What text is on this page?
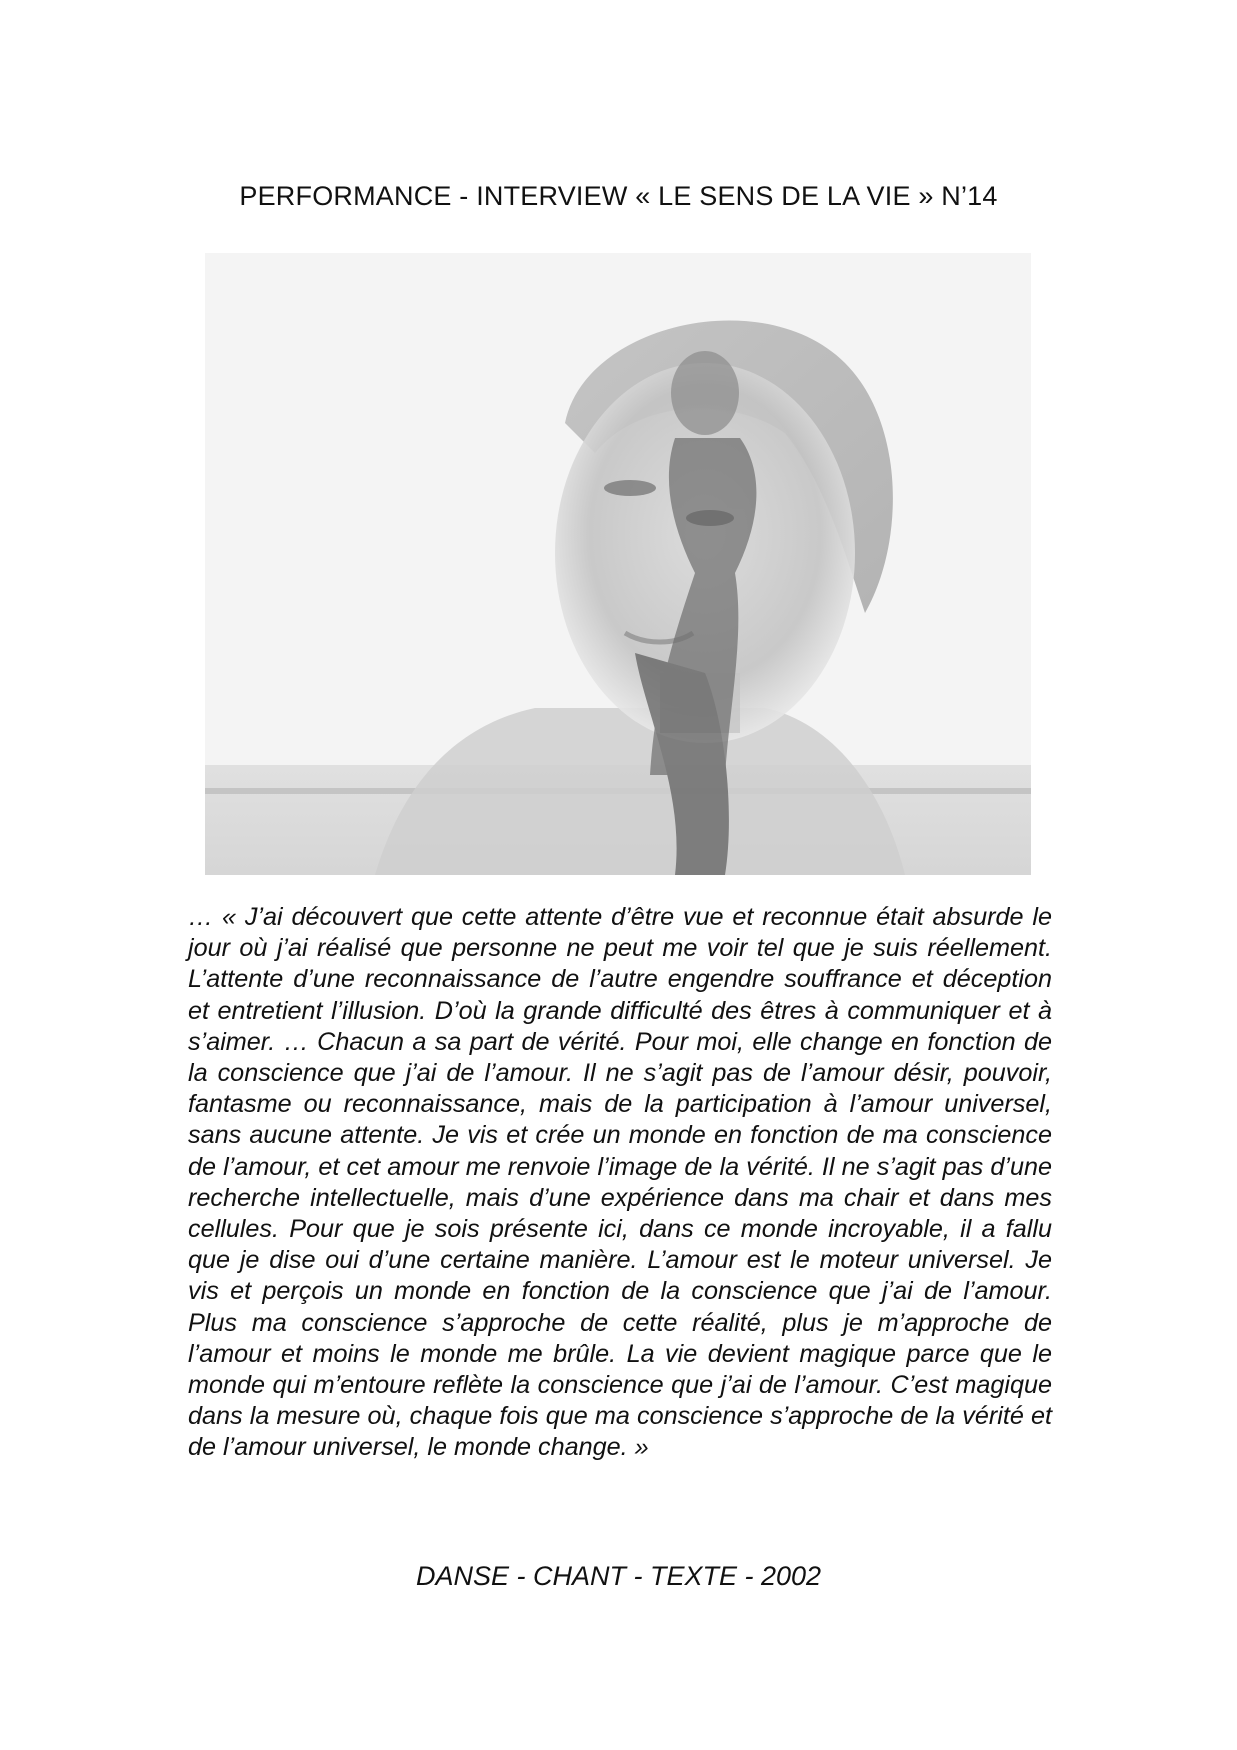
PERFORMANCE - INTERVIEW « LE SENS DE LA VIE » N’14
… « J’ai découvert que cette attente d’être vue et reconnue était absurde le jour où j’ai réalisé que personne ne peut me voir tel que je suis réellement. L’attente d’une reconnaissance de l’autre engendre souffrance et déception et entretient l’illusion. D’où la grande difficulté des êtres à communiquer et à s’aimer. … Chacun a sa part de vérité. Pour moi, elle change en fonction de la conscience que j’ai de l’amour. Il ne s’agit pas de l’amour désir, pouvoir, fantasme ou reconnaissance, mais de la participation à l’amour universel, sans aucune attente. Je vis et crée un monde en fonction de ma conscience de l’amour, et cet amour me renvoie l’image de la vérité. Il ne s’agit pas d’une recherche intellectuelle, mais d’une expérience dans ma chair et dans mes cellules. Pour que je sois présente ici, dans ce monde incroyable, il a fallu que je dise oui d’une certaine manière. L’amour est le moteur universel. Je vis et perçois un monde en fonction de la conscience que j’ai de l’amour. Plus ma conscience s’approche de cette réalité, plus je m’approche de l’amour et moins le monde me brûle. La vie devient magique parce que le monde qui m’entoure reflète la conscience que j’ai de l’amour. C’est magique dans la mesure où, chaque fois que ma conscience s’approche de la vérité et de l’amour universel, le monde change. »
DANSE - CHANT - TEXTE - 2002
